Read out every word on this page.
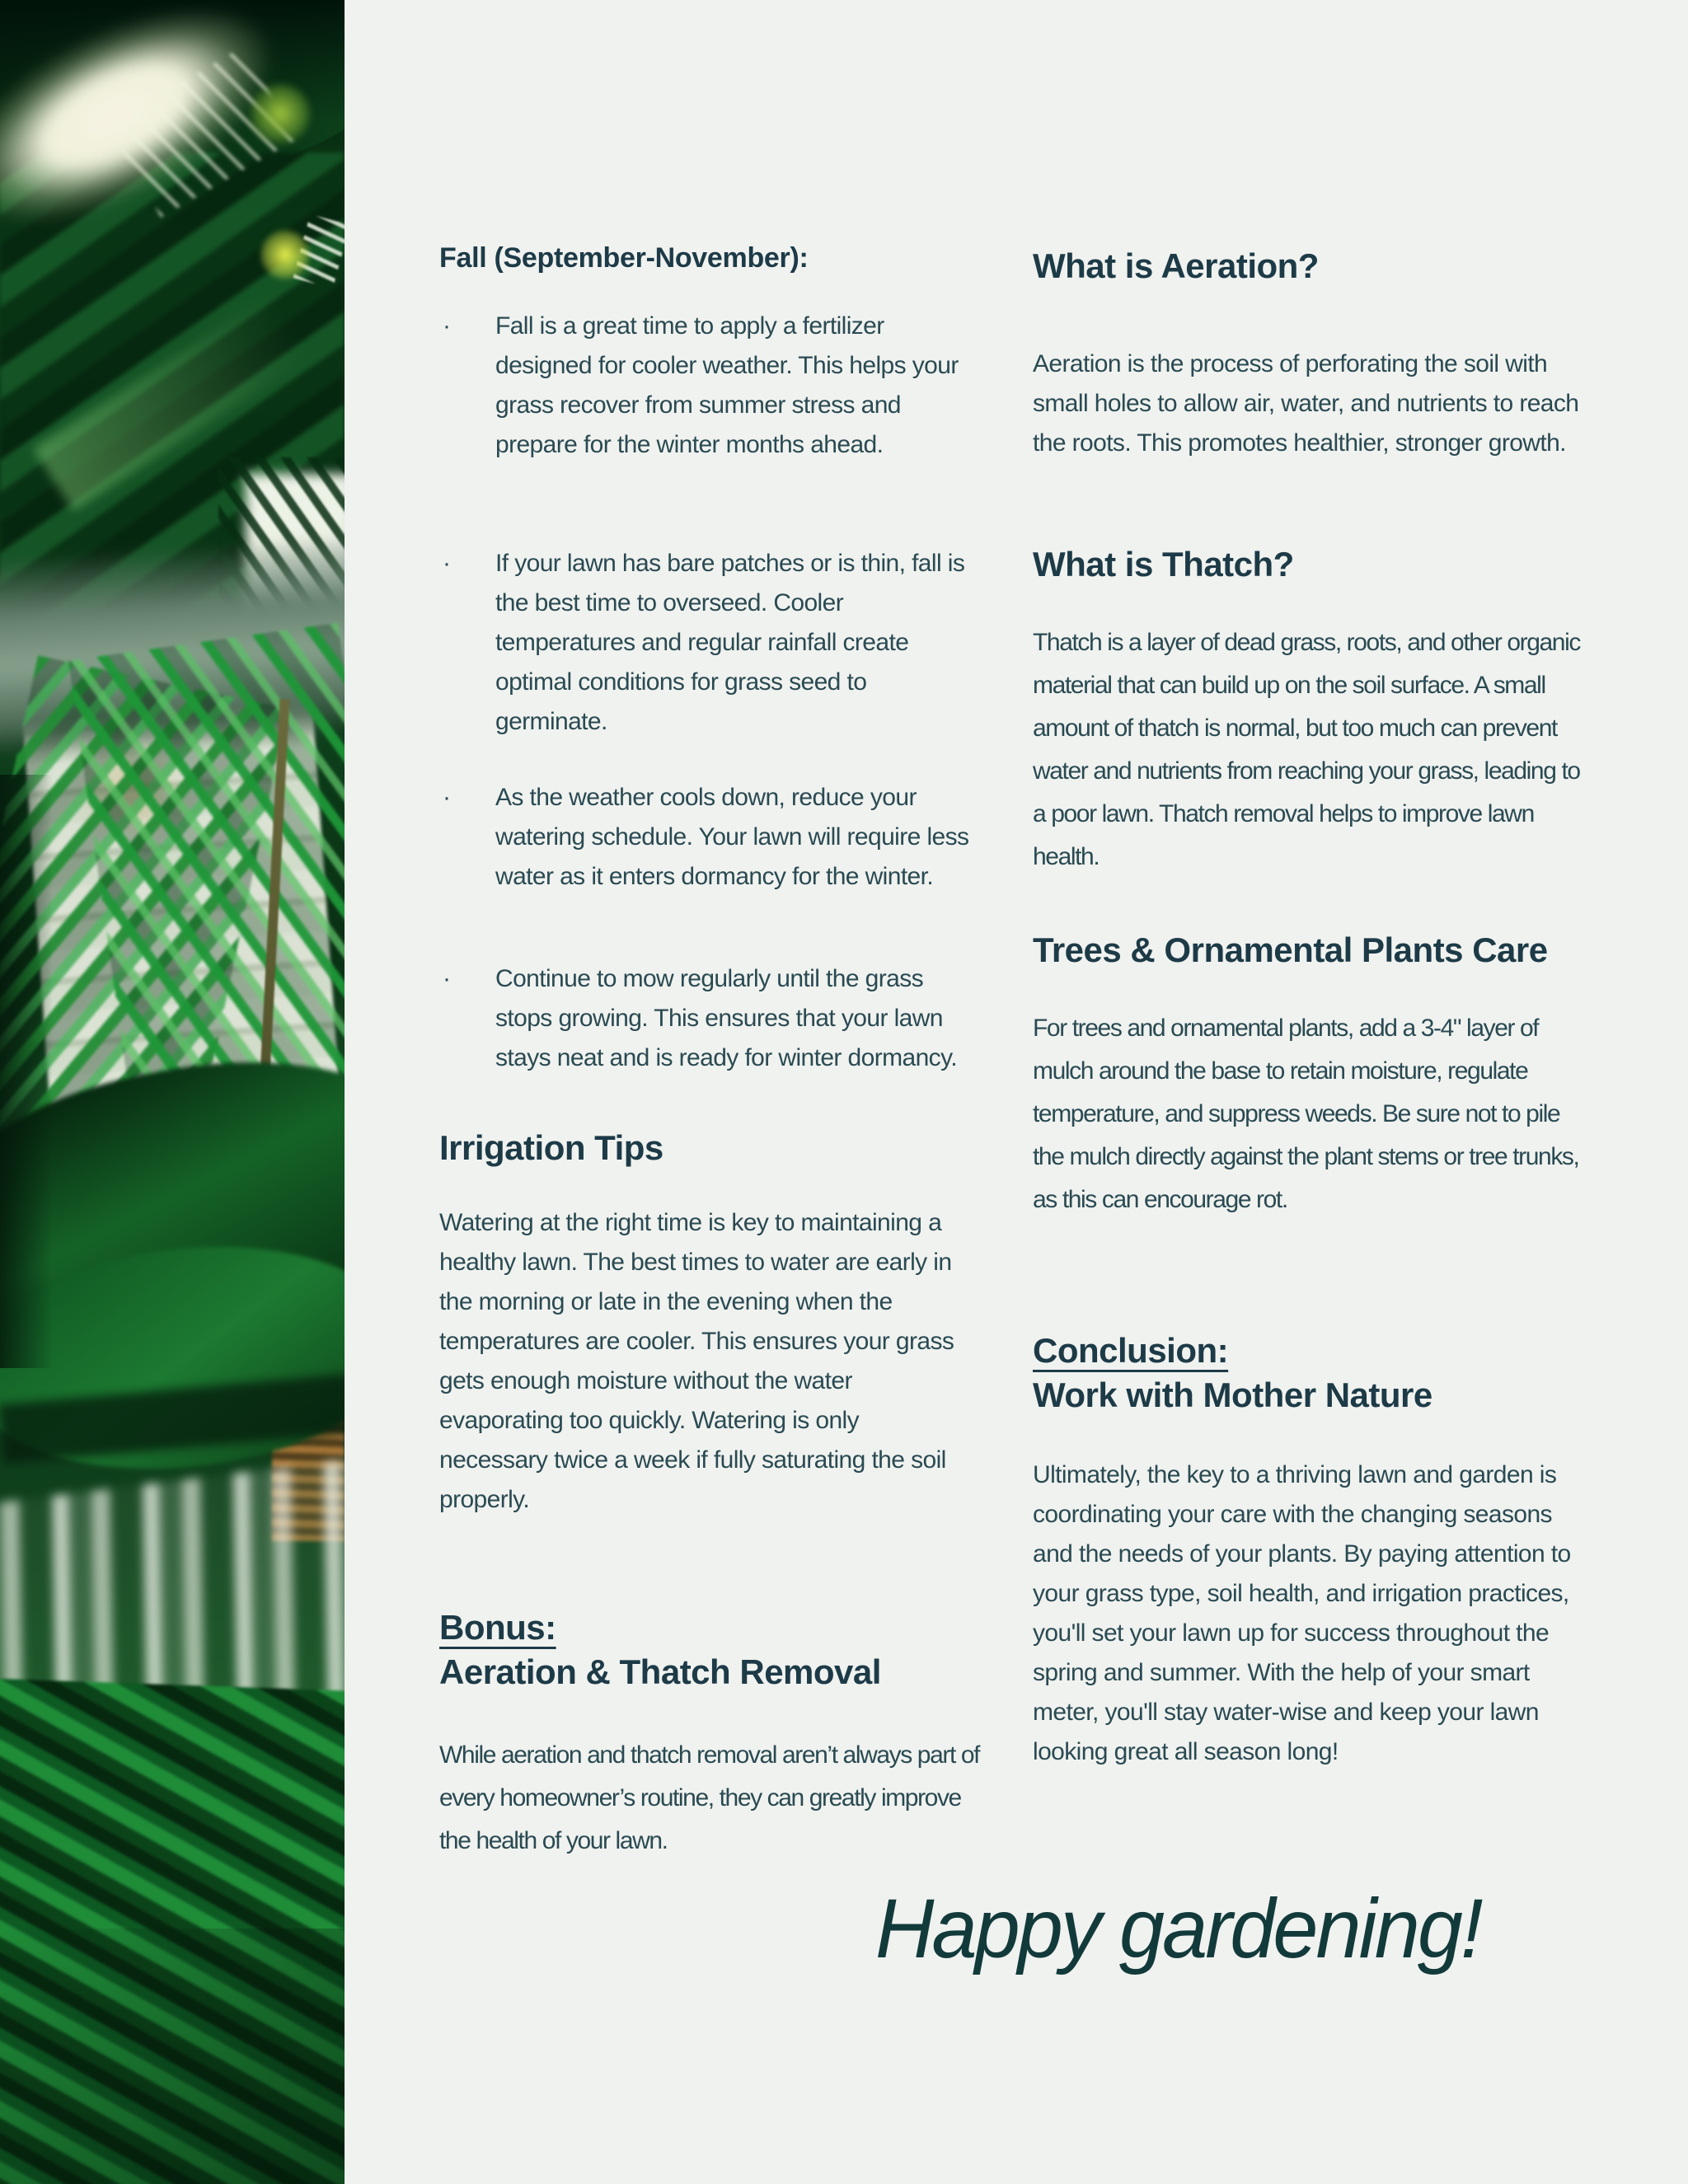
Fall (September-November):
·	Fall is a great time to apply a fertilizer designed for cooler weather. This helps your grass recover from summer stress and prepare for the winter months ahead.
·	If your lawn has bare patches or is thin, fall is the best time to overseed. Cooler temperatures and regular rainfall create optimal conditions for grass seed to germinate.
·	As the weather cools down, reduce your watering schedule. Your lawn will require less water as it enters dormancy for the winter.
·	Continue to mow regularly until the grass stops growing. This ensures that your lawn stays neat and is ready for winter dormancy.
Irrigation Tips
Watering at the right time is key to maintaining a healthy lawn. The best times to water are early in the morning or late in the evening when the temperatures are cooler. This ensures your grass gets enough moisture without the water evaporating too quickly. Watering is only necessary twice a week if fully saturating the soil properly.
Bonus:
Aeration & Thatch Removal
While aeration and thatch removal aren’t always part of every homeowner’s routine, they can greatly improve the health of your lawn.
What is Aeration?
Aeration is the process of perforating the soil with small holes to allow air, water, and nutrients to reach the roots. This promotes healthier, stronger growth.
What is Thatch?
Thatch is a layer of dead grass, roots, and other organic material that can build up on the soil surface. A small amount of thatch is normal, but too much can prevent water and nutrients from reaching your grass, leading to a poor lawn. Thatch removal helps to improve lawn health.
Trees & Ornamental Plants Care
For trees and ornamental plants, add a 3-4" layer of mulch around the base to retain moisture, regulate temperature, and suppress weeds. Be sure not to pile the mulch directly against the plant stems or tree trunks, as this can encourage rot.
Conclusion:
Work with Mother Nature
Ultimately, the key to a thriving lawn and garden is coordinating your care with the changing seasons and the needs of your plants. By paying attention to your grass type, soil health, and irrigation practices, you'll set your lawn up for success throughout the spring and summer. With the help of your smart meter, you'll stay water-wise and keep your lawn looking great all season long!
Happy gardening!
